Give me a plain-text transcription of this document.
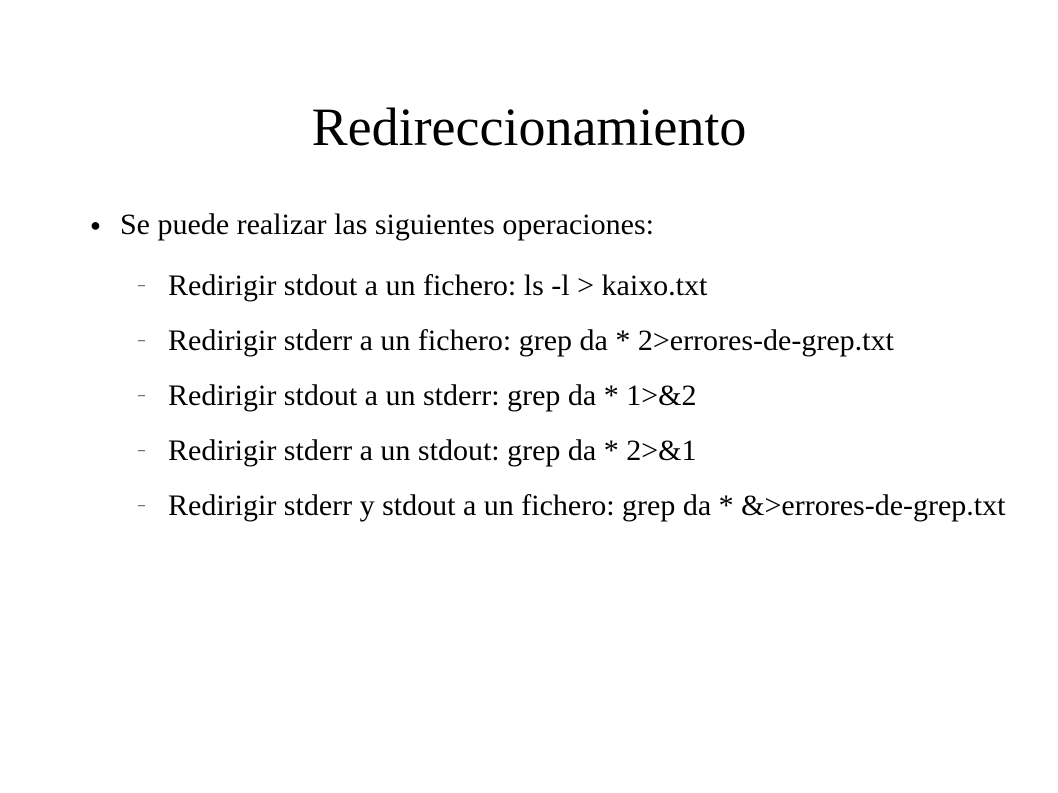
Redireccionamiento
● Se puede realizar las siguientes operaciones:
– Redirigir stdout a un fichero: ls -l > kaixo.txt
– Redirigir stderr a un fichero: grep da * 2>errores-de-grep.txt
– Redirigir stdout a un stderr: grep da * 1>&2
– Redirigir stderr a un stdout: grep da * 2>&1
– Redirigir stderr y stdout a un fichero: grep da * &>errores-de-grep.txt
